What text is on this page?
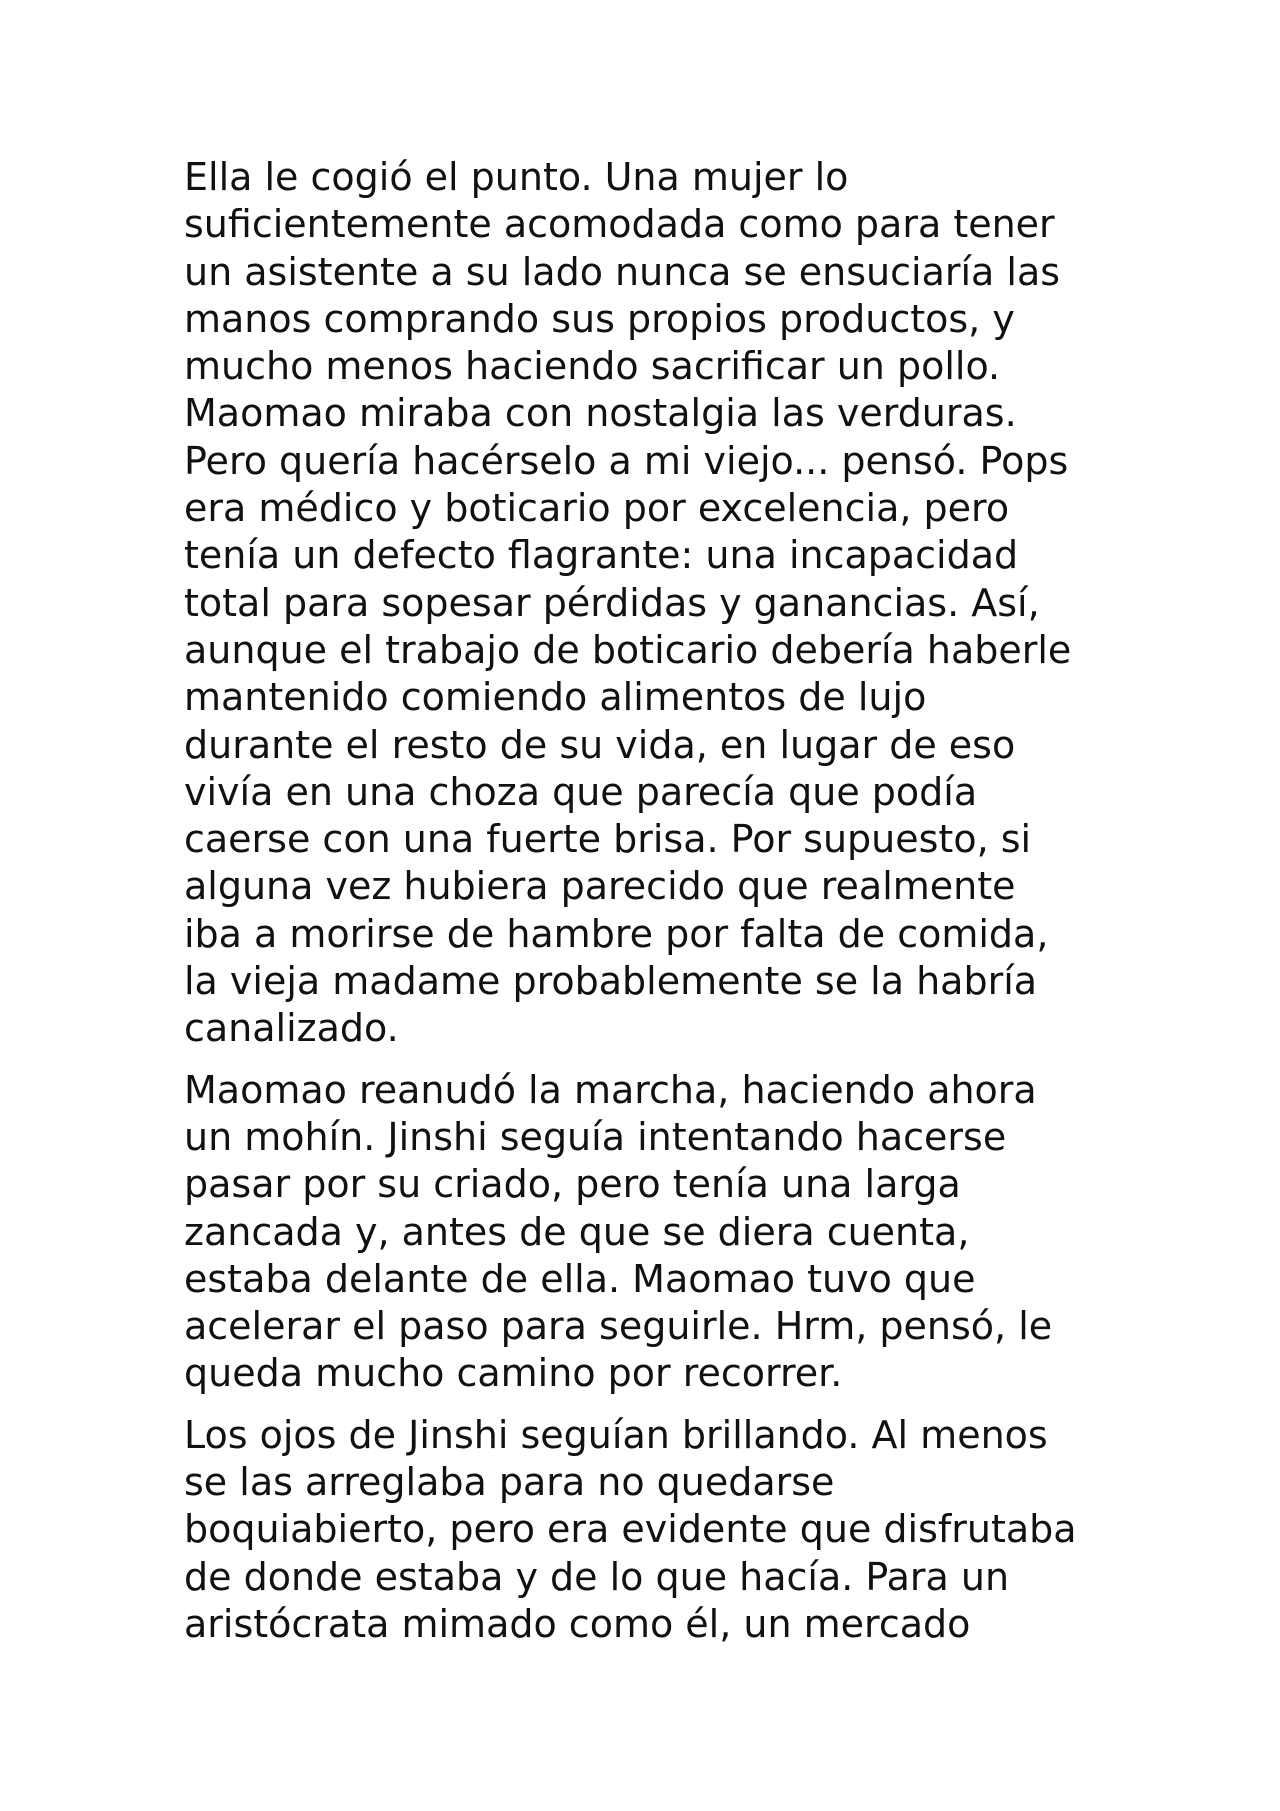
Ella le cogió el punto. Una mujer lo

suficientemente acomodada como para tener

un asistente a su lado nunca se ensuciaría las

manos comprando sus propios productos, y

mucho menos haciendo sacrificar un pollo.

Maomao miraba con nostalgia las verduras.

Pero quería hacérselo a mi viejo... pensó. Pops

era médico y boticario por excelencia, pero

tenía un defecto flagrante: una incapacidad

total para sopesar pérdidas y ganancias. Así,

aunque el trabajo de boticario debería haberle

mantenido comiendo alimentos de lujo

durante el resto de su vida, en lugar de eso

vivía en una choza que parecía que podía

caerse con una fuerte brisa. Por supuesto, si

alguna vez hubiera parecido que realmente

iba a morirse de hambre por falta de comida,

la vieja madame probablemente se la habría

canalizado.

Maomao reanudó la marcha, haciendo ahora

un mohín. Jinshi seguía intentando hacerse

pasar por su criado, pero tenía una larga

zancada y, antes de que se diera cuenta,

estaba delante de ella. Maomao tuvo que

acelerar el paso para seguirle. Hrm, pensó, le

queda mucho camino por recorrer.

Los ojos de Jinshi seguían brillando. Al menos

se las arreglaba para no quedarse

boquiabierto, pero era evidente que disfrutaba

de donde estaba y de lo que hacía. Para un

aristócrata mimado como él, un mercado
